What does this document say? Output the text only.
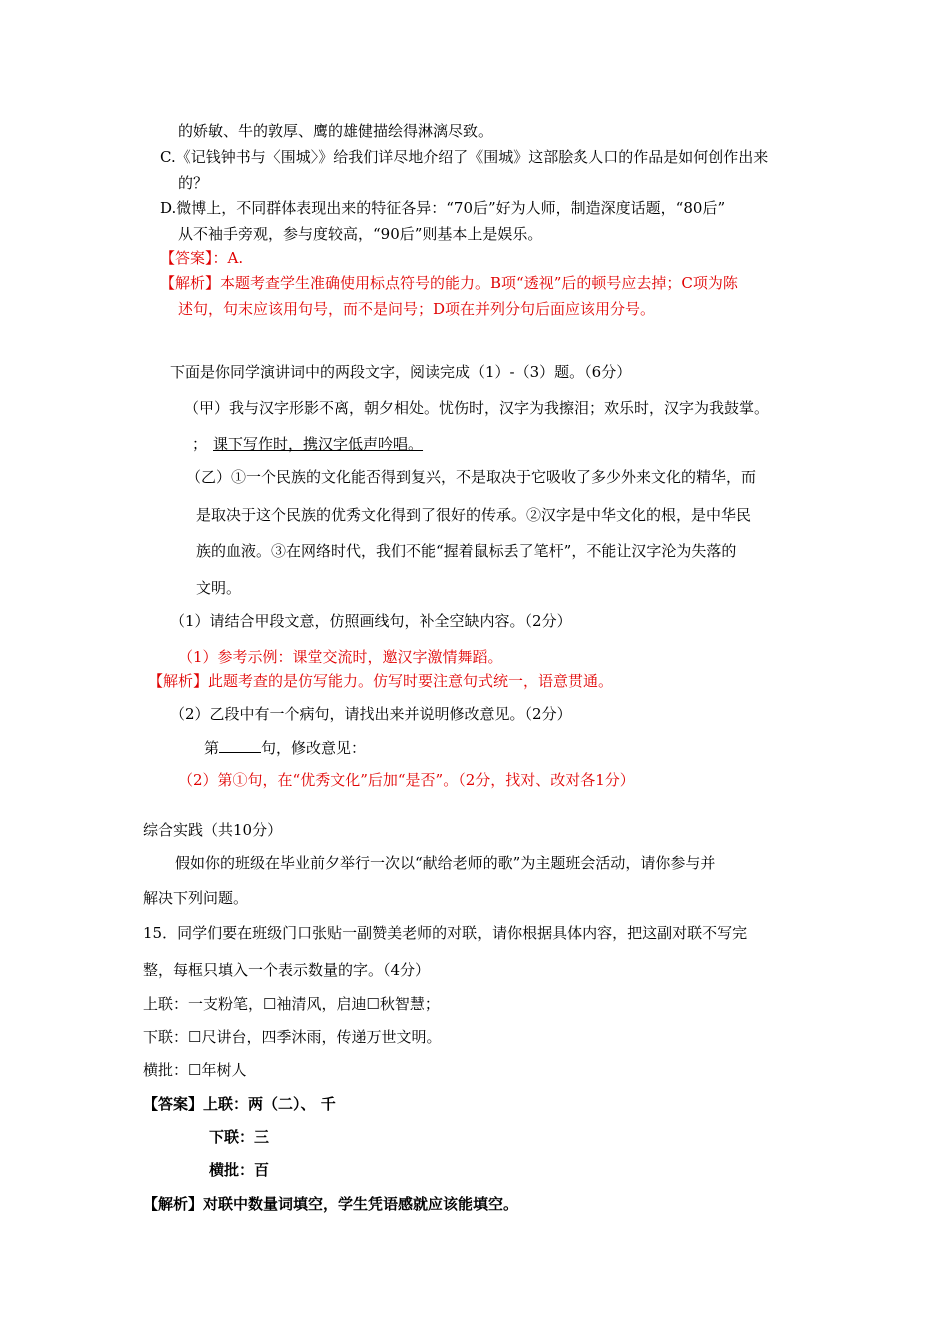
的娇敏、牛的敦厚、鹰的雄健描绘得淋漓尽致。
C.《记钱钟书与〈围城〉》给我们详尽地介绍了《围城》这部脍炙人口的作品是如何创作出来
的？
D.微博上，不同群体表现出来的特征各异：“70后”好为人师，制造深度话题，“80后”
从不袖手旁观，参与度较高，“90后”则基本上是娱乐。
【答案】：A.
【解析】本题考查学生准确使用标点符号的能力。B项“透视”后的顿号应去掉；C项为陈
述句，句末应该用句号，而不是问号；D项在并列分句后面应该用分号。
下面是你同学演讲词中的两段文字，阅读完成（1）-（3）题。（6分）
（甲）我与汉字形影不离，朝夕相处。忧伤时，汉字为我擦泪；欢乐时，汉字为我鼓掌。
； 课下写作时，携汉字低声吟唱。
（乙）①一个民族的文化能否得到复兴，不是取决于它吸收了多少外来文化的精华，而
是取决于这个民族的优秀文化得到了很好的传承。②汉字是中华文化的根，是中华民
族的血液。③在网络时代，我们不能“握着鼠标丢了笔杆”，不能让汉字沦为失落的
文明。
（1）请结合甲段文意，仿照画线句，补全空缺内容。（2分）
（1）参考示例：课堂交流时，邀汉字激情舞蹈。
【解析】此题考查的是仿写能力。仿写时要注意句式统一，语意贯通。
（2）乙段中有一个病句，请找出来并说明修改意见。（2分）
第	句，修改意见：
（2）第①句，在“优秀文化”后加“是否”。（2分，找对、改对各1分）
综合实践（共10分）
假如你的班级在毕业前夕举行一次以“献给老师的歌”为主题班会活动，请你参与并
解决下列问题。
15．同学们要在班级门口张贴一副赞美老师的对联，请你根据具体内容，把这副对联不写完
整，每框只填入一个表示数量的字。（4分）
上联：一支粉笔，☐袖清风，启迪☐秋智慧；
下联：☐尺讲台，四季沐雨，传递万世文明。
横批：☐年树人
【答案】上联：两（二）、 千
下联：三
横批：百
【解析】对联中数量词填空，学生凭语感就应该能填空。
